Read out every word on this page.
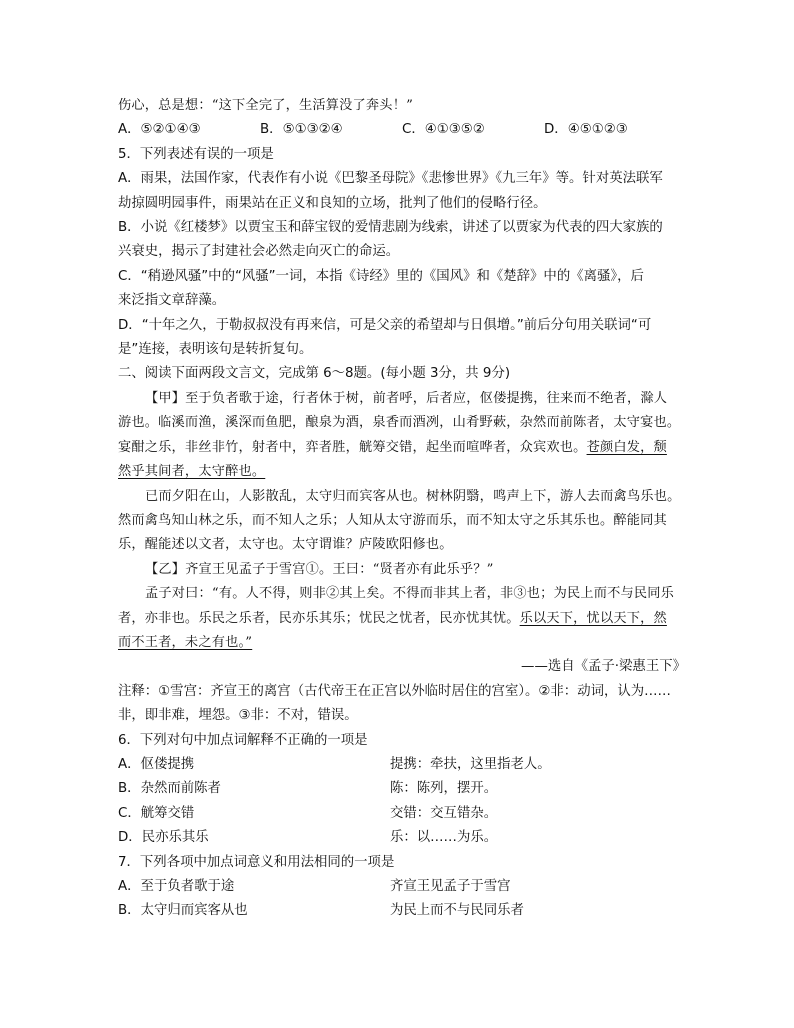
伤心，总是想：“这下全完了，生活算没了奔头！”
A．⑤②①④③	B．⑤①③②④	C．④①③⑤②	D．④⑤①②③
5．下列表述有误的一项是
A．雨果，法国作家，代表作有小说《巴黎圣母院》《悲惨世界》《九三年》等。针对英法联军
劫掠圆明园事件，雨果站在正义和良知的立场，批判了他们的侵略行径。
B．小说《红楼梦》以贾宝玉和薛宝钗的爱情悲剧为线索，讲述了以贾家为代表的四大家族的
兴衰史，揭示了封建社会必然走向灭亡的命运。
C．“稍逊风骚”中的“风骚”一词，本指《诗经》里的《国风》和《楚辞》中的《离骚》，后
来泛指文章辞藻。
D．“十年之久，于勒叔叔没有再来信，可是父亲的希望却与日俱增。”前后分句用关联词“可
是”连接，表明该句是转折复句。
二、阅读下面两段文言文，完成第 6～8题。(每小题 3分，共 9分)
【甲】至于负者歌于途，行者休于树，前者呼，后者应，伛偻提携，往来而不绝者，滁人
游也。临溪而渔，溪深而鱼肥，酿泉为酒，泉香而酒冽，山肴野蔌，杂然而前陈者，太守宴也。
宴酣之乐，非丝非竹，射者中，弈者胜，觥筹交错，起坐而喧哗者，众宾欢也。苍颜白发，颓
然乎其间者，太守醉也。
已而夕阳在山，人影散乱，太守归而宾客从也。树林阴翳，鸣声上下，游人去而禽鸟乐也。
然而禽鸟知山林之乐，而不知人之乐；人知从太守游而乐，而不知太守之乐其乐也。醉能同其
乐，醒能述以文者，太守也。太守谓谁？庐陵欧阳修也。
【乙】齐宣王见孟子于雪宫①。王曰：“贤者亦有此乐乎？”
孟子对曰：“有。人不得，则非②其上矣。不得而非其上者，非③也；为民上而不与民同乐
者，亦非也。乐民之乐者，民亦乐其乐；忧民之忧者，民亦忧其忧。乐以天下，忧以天下，然
而不王者，未之有也。”
——选自《孟子·梁惠王下》
注释：①雪宫：齐宣王的离宫（古代帝王在正宫以外临时居住的宫室）。②非：动词，认为……
非，即非难，埋怨。③非：不对，错误。
6．下列对句中加点词解释不正确的一项是
A．伛偻提携	提携：牵扶，这里指老人。
B．杂然而前陈者	陈：陈列，摆开。
C．觥筹交错	交错：交互错杂。
D．民亦乐其乐	乐：以……为乐。
7．下列各项中加点词意义和用法相同的一项是
A．至于负者歌于途	齐宣王见孟子于雪宫
B．太守归而宾客从也	为民上而不与民同乐者
